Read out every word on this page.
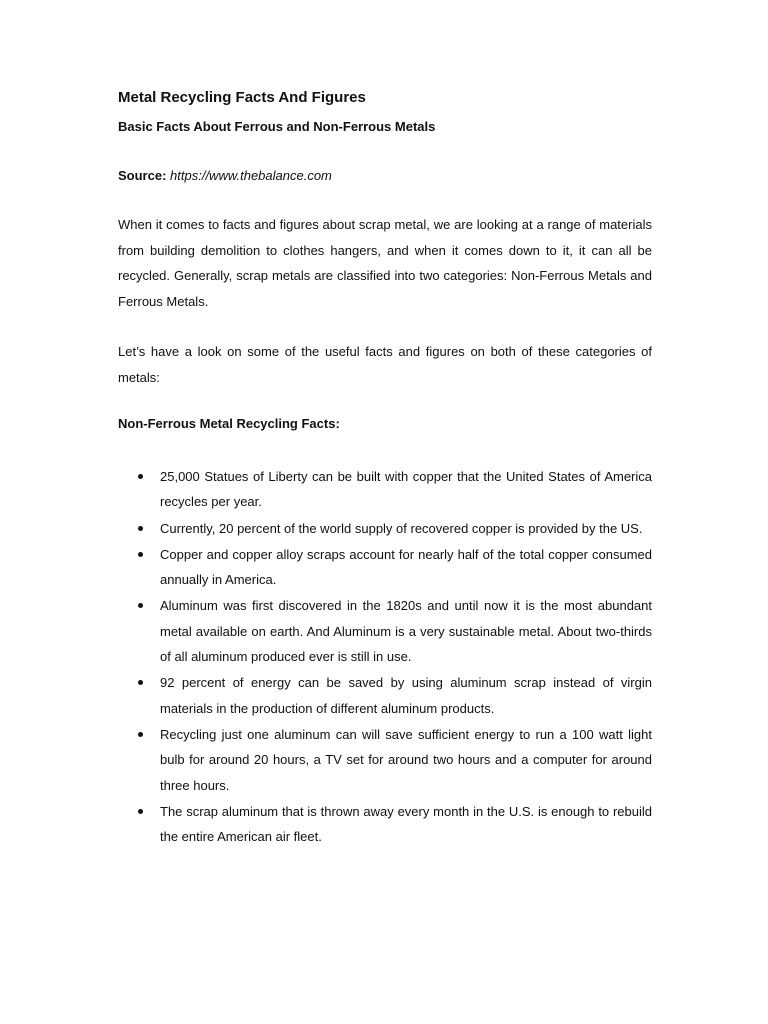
Metal Recycling Facts And Figures
Basic Facts About Ferrous and Non-Ferrous Metals

Source: https://www.thebalance.com

When it comes to facts and figures about scrap metal, we are looking at a range of materials from building demolition to clothes hangers, and when it comes down to it, it can all be recycled. Generally, scrap metals are classified into two categories: Non-Ferrous Metals and Ferrous Metals.

Let’s have a look on some of the useful facts and figures on both of these categories of metals:

Non-Ferrous Metal Recycling Facts:
25,000 Statues of Liberty can be built with copper that the United States of America recycles per year.
Currently, 20 percent of the world supply of recovered copper is provided by the US.
Copper and copper alloy scraps account for nearly half of the total copper consumed annually in America.
Aluminum was first discovered in the 1820s and until now it is the most abundant metal available on earth. And Aluminum is a very sustainable metal. About two-thirds of all aluminum produced ever is still in use.
92 percent of energy can be saved by using aluminum scrap instead of virgin materials in the production of different aluminum products.
Recycling just one aluminum can will save sufficient energy to run a 100 watt light bulb for around 20 hours, a TV set for around two hours and a computer for around three hours.
The scrap aluminum that is thrown away every month in the U.S. is enough to rebuild the entire American air fleet.
